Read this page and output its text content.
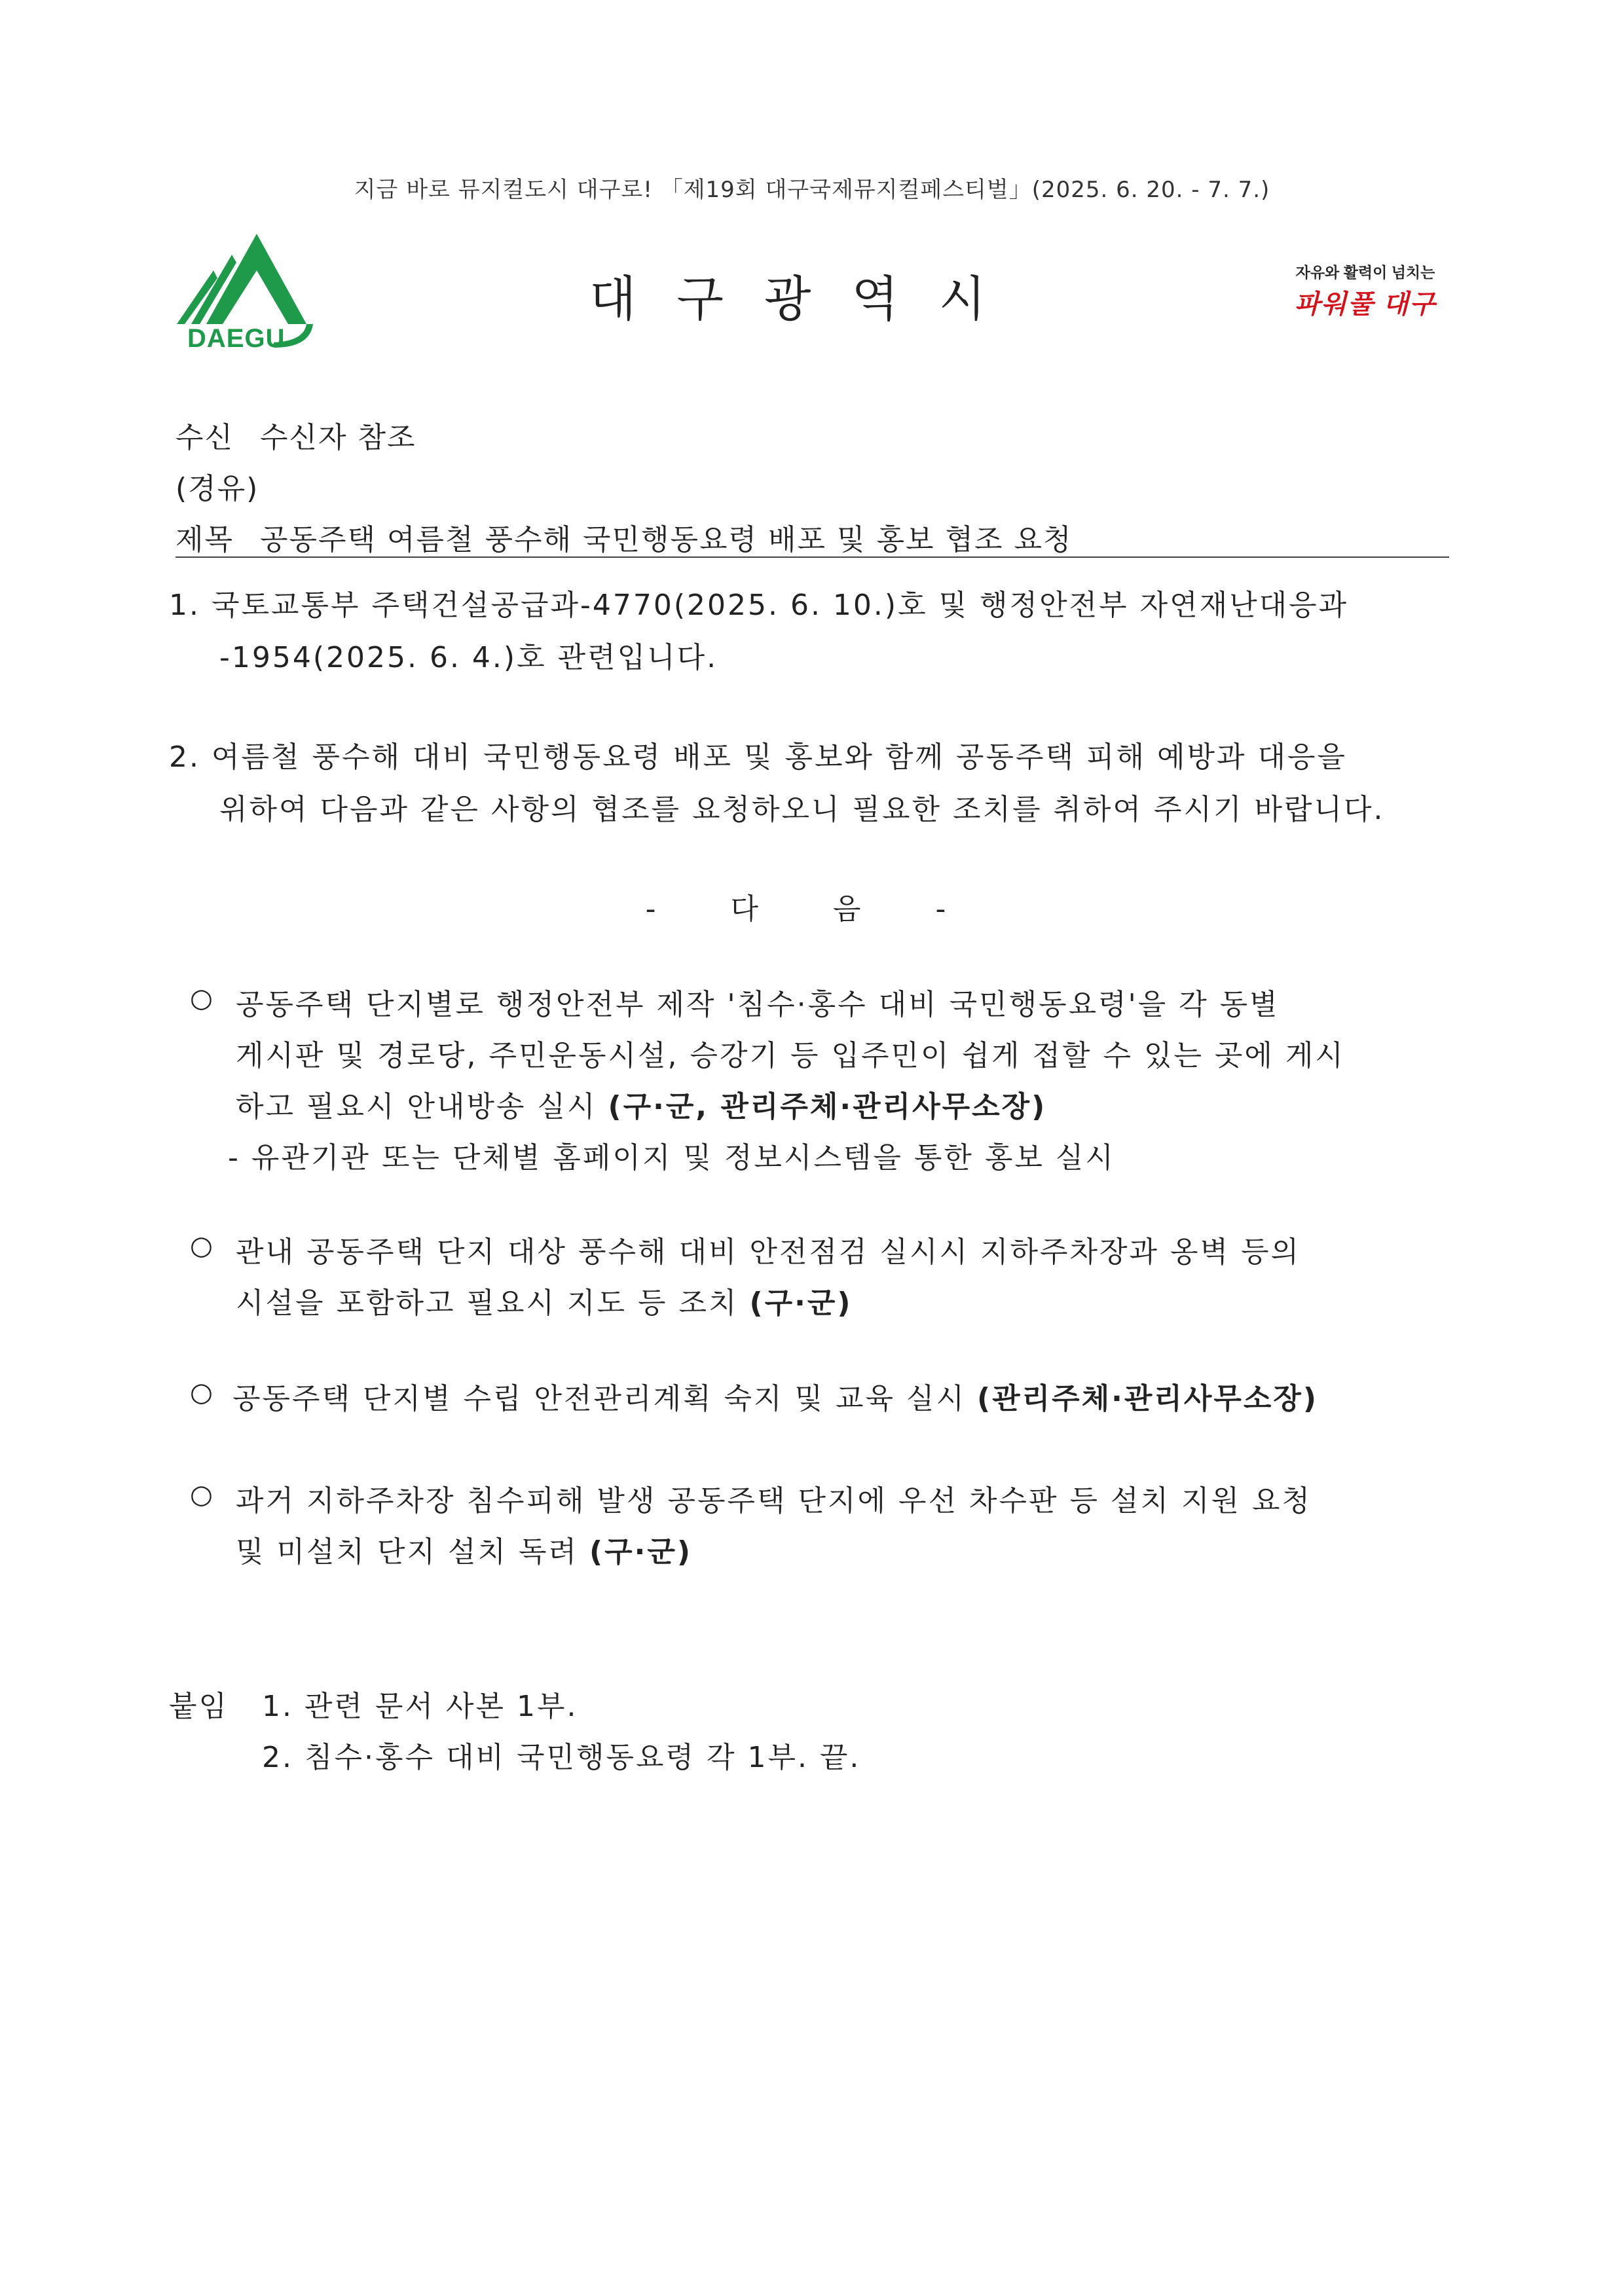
지금 바로 뮤지컬도시 대구로! 「제19회 대구국제뮤지컬페스티벌」(2025. 6. 20. - 7. 7.)
DAEGU
대구광역시	자유와 활력이 넘치는
파워풀 대구
수신 수신자 참조
(경유)
제목 공동주택 여름철 풍수해 국민행동요령 배포 및 홍보 협조 요청
1. 국토교통부 주택건설공급과-4770(2025. 6. 10.)호 및 행정안전부 자연재난대응과
-1954(2025. 6. 4.)호 관련입니다.
2. 여름철 풍수해 대비 국민행동요령 배포 및 홍보와 함께 공동주택 피해 예방과 대응을
위하여 다음과 같은 사항의 협조를 요청하오니 필요한 조치를 취하여 주시기 바랍니다.
- 다 음 -
○ 공동주택 단지별로 행정안전부 제작 '침수·홍수 대비 국민행동요령'을 각 동별
게시판 및 경로당, 주민운동시설, 승강기 등 입주민이 쉽게 접할 수 있는 곳에 게시
하고 필요시 안내방송 실시 (구·군, 관리주체·관리사무소장)
- 유관기관 또는 단체별 홈페이지 및 정보시스템을 통한 홍보 실시
○ 관내 공동주택 단지 대상 풍수해 대비 안전점검 실시시 지하주차장과 옹벽 등의
시설을 포함하고 필요시 지도 등 조치 (구·군)
○ 공동주택 단지별 수립 안전관리계획 숙지 및 교육 실시 (관리주체·관리사무소장)
○ 과거 지하주차장 침수피해 발생 공동주택 단지에 우선 차수판 등 설치 지원 요청
및 미설치 단지 설치 독려 (구·군)
붙임 1. 관련 문서 사본 1부.
2. 침수·홍수 대비 국민행동요령 각 1부. 끝.
